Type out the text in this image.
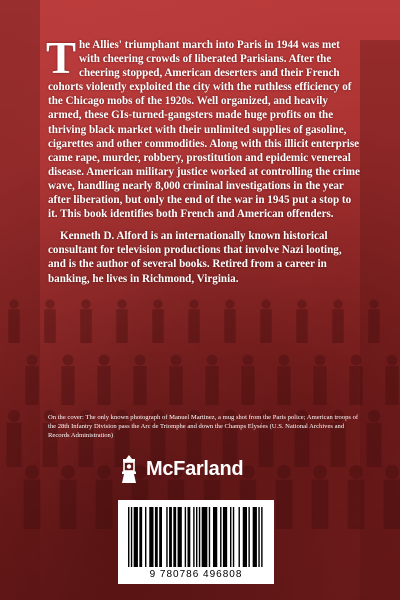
The Allies' triumphant march into Paris in 1944 was met with cheering crowds of liberated Parisians. After the cheering stopped, American deserters and their French cohorts violently exploited the city with the ruthless efficiency of the Chicago mobs of the 1920s. Well organized, and heavily armed, these GIs-turned-gangsters made huge profits on the thriving black market with their unlimited supplies of gasoline, cigarettes and other commodities. Along with this illicit enterprise came rape, murder, robbery, prostitution and epidemic venereal disease. American military justice worked at controlling the crime wave, handling nearly 8,000 criminal investigations in the year after liberation, but only the end of the war in 1945 put a stop to it. This book identifies both French and American offenders.

Kenneth D. Alford is an internationally known historical consultant for television productions that involve Nazi looting, and is the author of several books. Retired from a career in banking, he lives in Richmond, Virginia.

On the cover: The only known photograph of Manuel Martinez, a mug shot from the Paris police; American troops of the 28th Infantry Division pass the Arc de Triomphe and down the Champs Elysées (U.S. National Archives and Records Administration)
McFarland
9 780786 496808
